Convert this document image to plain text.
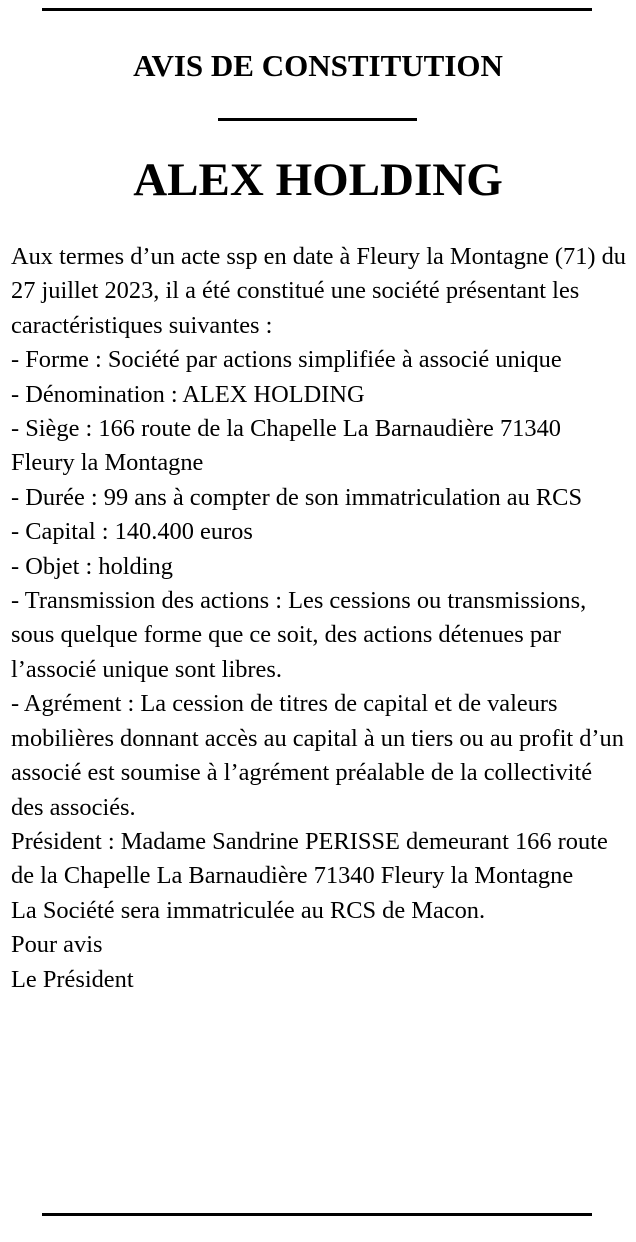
AVIS DE CONSTITUTION
ALEX HOLDING
Aux termes d’un acte ssp en date à Fleury la Montagne (71) du 27 juillet 2023, il a été constitué une société présentant les caractéristiques suivantes :
- Forme : Société par actions simplifiée à associé unique
- Dénomination : ALEX HOLDING
- Siège : 166 route de la Chapelle La Barnaudière 71340 Fleury la Montagne
- Durée : 99 ans à compter de son immatriculation au RCS
- Capital : 140.400 euros
- Objet : holding
- Transmission des actions : Les cessions ou transmissions, sous quelque forme que ce soit, des actions détenues par l’associé unique sont libres.
- Agrément : La cession de titres de capital et de valeurs mobilières donnant accès au capital à un tiers ou au profit d’un associé est soumise à l’agrément préalable de la collectivité des associés.
Président : Madame Sandrine PERISSE demeurant 166 route de la Chapelle La Barnaudière 71340 Fleury la Montagne
La Société sera immatriculée au RCS de Macon.
Pour avis
Le Président
